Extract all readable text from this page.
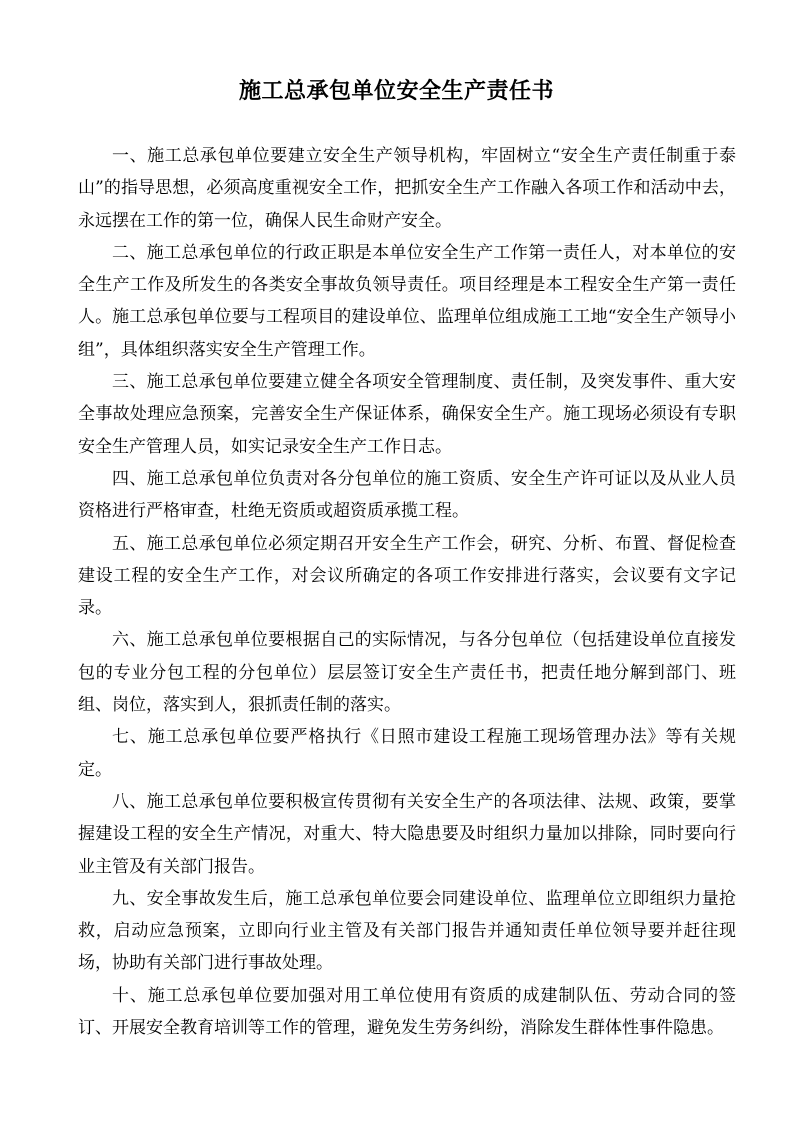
施工总承包单位安全生产责任书

一、施工总承包单位要建立安全生产领导机构，牢固树立“安全生产责任制重于泰山”的指导思想，必须高度重视安全工作，把抓安全生产工作融入各项工作和活动中去，永远摆在工作的第一位，确保人民生命财产安全。

二、施工总承包单位的行政正职是本单位安全生产工作第一责任人，对本单位的安全生产工作及所发生的各类安全事故负领导责任。项目经理是本工程安全生产第一责任人。施工总承包单位要与工程项目的建设单位、监理单位组成施工工地“安全生产领导小组”，具体组织落实安全生产管理工作。

三、施工总承包单位要建立健全各项安全管理制度、责任制，及突发事件、重大安全事故处理应急预案，完善安全生产保证体系，确保安全生产。施工现场必须设有专职安全生产管理人员，如实记录安全生产工作日志。

四、施工总承包单位负责对各分包单位的施工资质、安全生产许可证以及从业人员资格进行严格审查，杜绝无资质或超资质承揽工程。

五、施工总承包单位必须定期召开安全生产工作会，研究、分析、布置、督促检查建设工程的安全生产工作，对会议所确定的各项工作安排进行落实，会议要有文字记录。

六、施工总承包单位要根据自己的实际情况，与各分包单位（包括建设单位直接发包的专业分包工程的分包单位）层层签订安全生产责任书，把责任地分解到部门、班组、岗位，落实到人，狠抓责任制的落实。

七、施工总承包单位要严格执行《日照市建设工程施工现场管理办法》等有关规定。

八、施工总承包单位要积极宣传贯彻有关安全生产的各项法律、法规、政策，要掌握建设工程的安全生产情况，对重大、特大隐患要及时组织力量加以排除，同时要向行业主管及有关部门报告。

九、安全事故发生后，施工总承包单位要会同建设单位、监理单位立即组织力量抢救，启动应急预案，立即向行业主管及有关部门报告并通知责任单位领导要并赶往现场，协助有关部门进行事故处理。

十、施工总承包单位要加强对用工单位使用有资质的成建制队伍、劳动合同的签订、开展安全教育培训等工作的管理，避免发生劳务纠纷，消除发生群体性事件隐患。
